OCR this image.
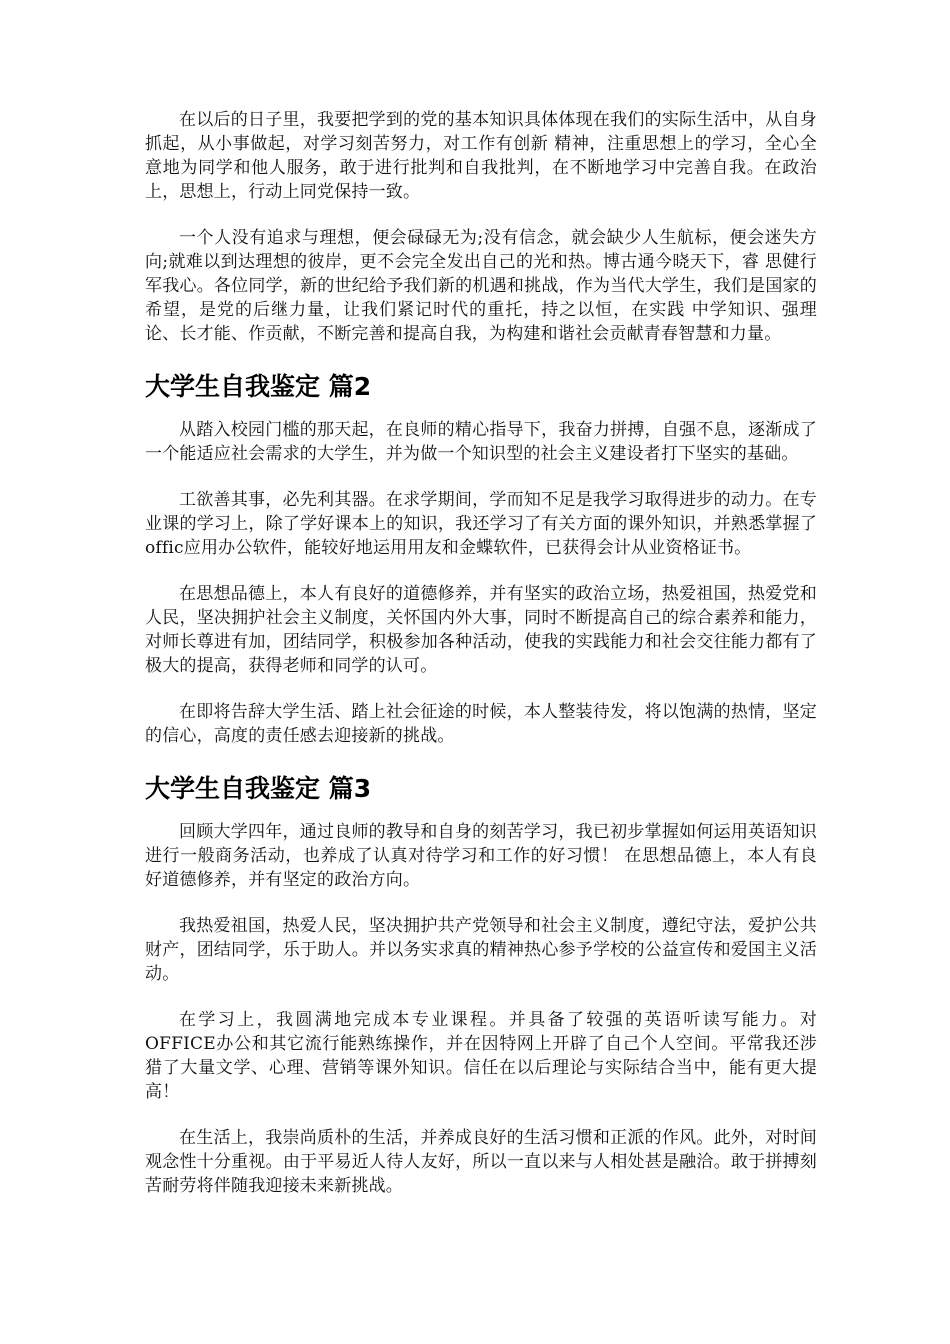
在以后的日子里，我要把学到的党的基本知识具体体现在我们的实际生活中，从自身抓起，从小事做起，对学习刻苦努力，对工作有创新 精神，注重思想上的学习，全心全意地为同学和他人服务，敢于进行批判和自我批判，在不断地学习中完善自我。在政治上，思想上，行动上同党保持一致。

一个人没有追求与理想，便会碌碌无为;没有信念，就会缺少人生航标，便会迷失方向;就难以到达理想的彼岸，更不会完全发出自己的光和热。博古通今晓天下，睿 思健行军我心。各位同学，新的世纪给予我们新的机遇和挑战，作为当代大学生，我们是国家的希望，是党的后继力量，让我们紧记时代的重托，持之以恒，在实践 中学知识、强理论、长才能、作贡献，不断完善和提高自我，为构建和谐社会贡献青春智慧和力量。

大学生自我鉴定 篇2

从踏入校园门槛的那天起，在良师的精心指导下，我奋力拼搏，自强不息，逐渐成了一个能适应社会需求的大学生，并为做一个知识型的社会主义建设者打下坚实的基础。

工欲善其事，必先利其器。在求学期间，学而知不足是我学习取得进步的动力。在专业课的学习上，除了学好课本上的知识，我还学习了有关方面的课外知识，并熟悉掌握了offic应用办公软件，能较好地运用用友和金蝶软件，已获得会计从业资格证书。

在思想品德上，本人有良好的道德修养，并有坚实的政治立场，热爱祖国，热爱党和人民，坚决拥护社会主义制度，关怀国内外大事，同时不断提高自己的综合素养和能力，对师长尊进有加，团结同学，积极参加各种活动，使我的实践能力和社会交往能力都有了极大的提高，获得老师和同学的认可。

在即将告辞大学生活、踏上社会征途的时候，本人整装待发，将以饱满的热情，坚定的信心，高度的责任感去迎接新的挑战。

大学生自我鉴定 篇3

回顾大学四年，通过良师的教导和自身的刻苦学习，我已初步掌握如何运用英语知识进行一般商务活动，也养成了认真对待学习和工作的好习惯！ 在思想品德上，本人有良好道德修养，并有坚定的政治方向。

我热爱祖国，热爱人民，坚决拥护共产党领导和社会主义制度，遵纪守法，爱护公共财产，团结同学，乐于助人。并以务实求真的精神热心参予学校的公益宣传和爱国主义活动。

在学习上，我圆满地完成本专业课程。并具备了较强的英语听读写能力。对OFFICE办公和其它流行能熟练操作，并在因特网上开辟了自己个人空间。平常我还涉猎了大量文学、心理、营销等课外知识。信任在以后理论与实际结合当中，能有更大提高！

在生活上，我崇尚质朴的生活，并养成良好的生活习惯和正派的作风。此外，对时间观念性十分重视。由于平易近人待人友好，所以一直以来与人相处甚是融洽。敢于拼搏刻苦耐劳将伴随我迎接未来新挑战。
